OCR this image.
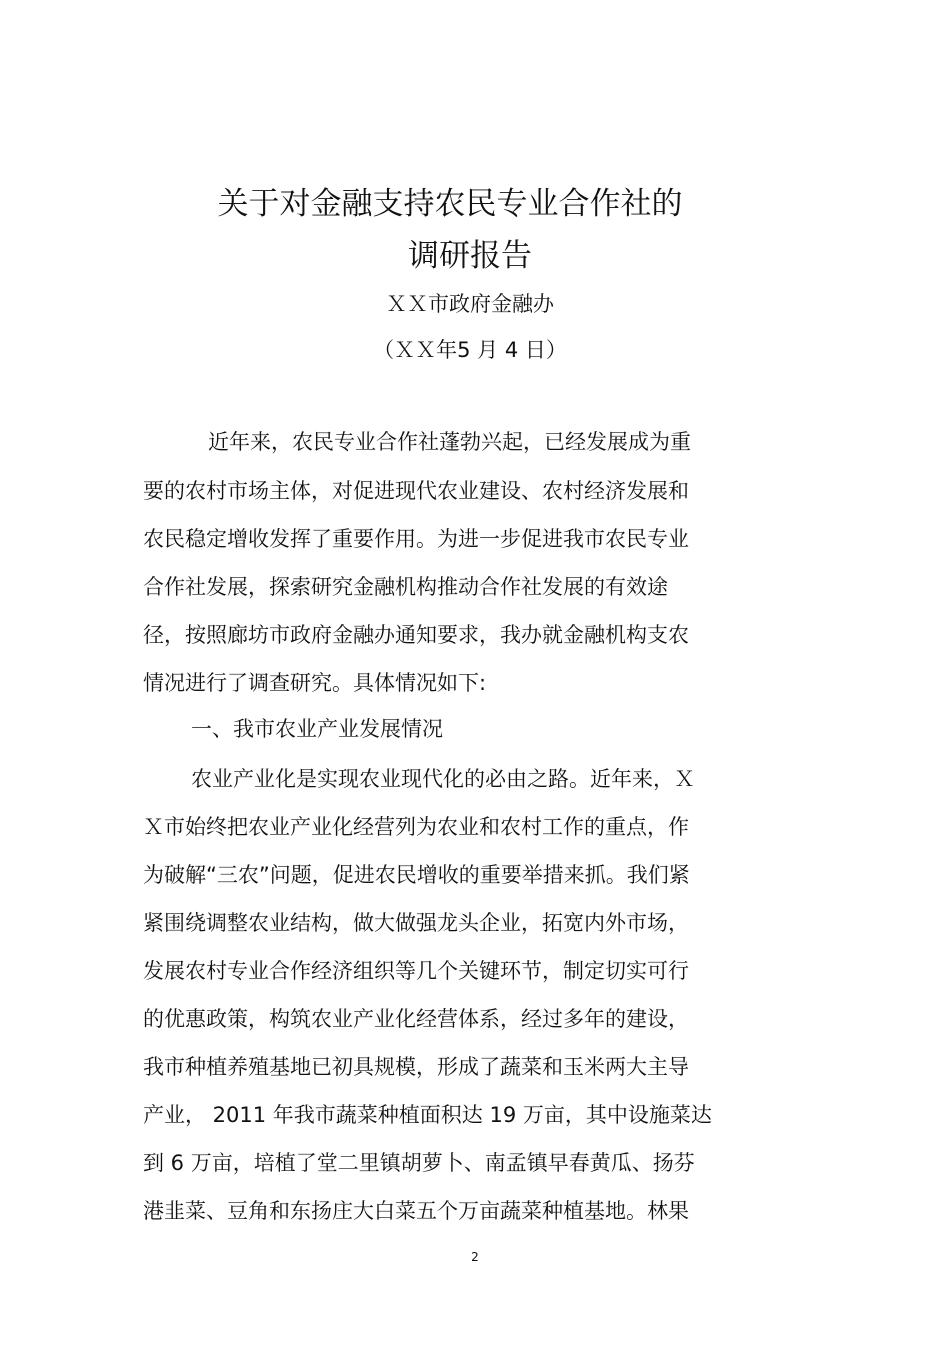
关于对金融支持农民专业合作社的
调研报告
ＸＸ市政府金融办
（ＸＸ年5 月 4 日）
近年来，农民专业合作社蓬勃兴起，已经发展成为重
要的农村市场主体，对促进现代农业建设、农村经济发展和
农民稳定增收发挥了重要作用。为进一步促进我市农民专业
合作社发展，探索研究金融机构推动合作社发展的有效途
径，按照廊坊市政府金融办通知要求，我办就金融机构支农
情况进行了调查研究。具体情况如下:
一、我市农业产业发展情况
农业产业化是实现农业现代化的必由之路。近年来，Ｘ
Ｘ市始终把农业产业化经营列为农业和农村工作的重点，作
为破解“三农”问题，促进农民增收的重要举措来抓。我们紧
紧围绕调整农业结构，做大做强龙头企业，拓宽内外市场，
发展农村专业合作经济组织等几个关键环节，制定切实可行
的优惠政策，构筑农业产业化经营体系，经过多年的建设，
我市种植养殖基地已初具规模，形成了蔬菜和玉米两大主导
产业， 2011 年我市蔬菜种植面积达 19 万亩，其中设施菜达
到 6 万亩，培植了堂二里镇胡萝卜、南孟镇早春黄瓜、扬芬
港韭菜、豆角和东扬庄大白菜五个万亩蔬菜种植基地。林果
2
